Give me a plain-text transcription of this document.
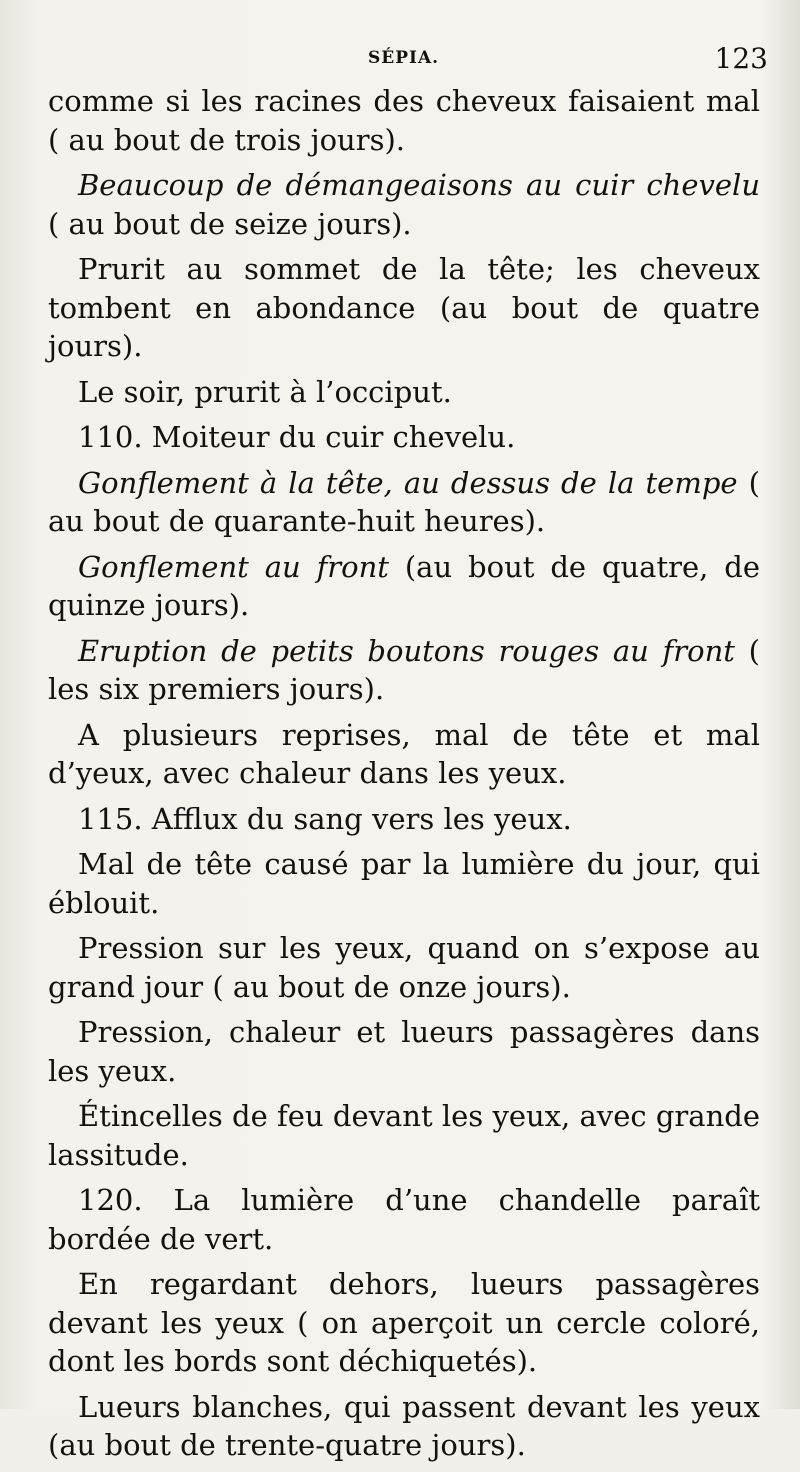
SÉPIA.	123

comme si les racines des cheveux faisaient mal ( au bout de trois jours).

Beaucoup de démangeaisons au cuir chevelu ( au bout de seize jours).

Prurit au sommet de la tête; les cheveux tombent en abondance (au bout de quatre jours).

Le soir, prurit à l’occiput.

110. Moiteur du cuir chevelu.

Gonflement à la tête, au dessus de la tempe ( au bout de quarante-huit heures).

Gonflement au front (au bout de quatre, de quinze jours).

Eruption de petits boutons rouges au front ( les six premiers jours).

A plusieurs reprises, mal de tête et mal d’yeux, avec chaleur dans les yeux.

115. Afflux du sang vers les yeux.

Mal de tête causé par la lumière du jour, qui éblouit.

Pression sur les yeux, quand on s’expose au grand jour ( au bout de onze jours).

Pression, chaleur et lueurs passagères dans les yeux.

Étincelles de feu devant les yeux, avec grande lassitude.

120. La lumière d’une chandelle paraît bordée de vert.

En regardant dehors, lueurs passagères devant les yeux ( on aperçoit un cercle coloré, dont les bords sont déchiquetés).

Lueurs blanches, qui passent devant les yeux (au bout de trente-quatre jours).
